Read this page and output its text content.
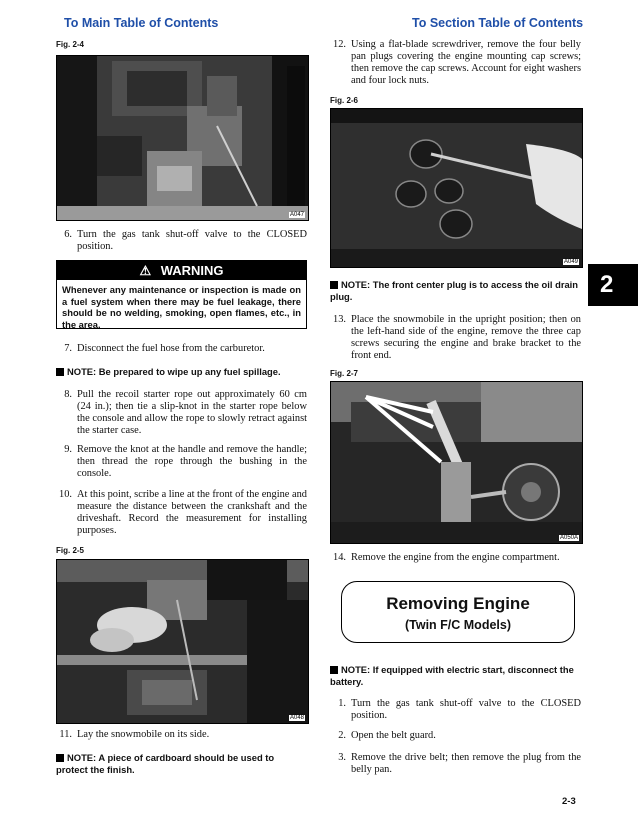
To Main Table of Contents	To Section Table of Contents
Fig. 2-4
A047
6. Turn the gas tank shut-off valve to the CLOSED position.
⚠ WARNING
Whenever any maintenance or inspection is made on a fuel system when there may be fuel leakage, there should be no welding, smoking, open flames, etc., in the area.
7. Disconnect the fuel hose from the carburetor.
NOTE: Be prepared to wipe up any fuel spillage.
8. Pull the recoil starter rope out approximately 60 cm (24 in.); then tie a slip-knot in the starter rope below the console and allow the rope to slowly retract against the starter case.
9. Remove the knot at the handle and remove the handle; then thread the rope through the bushing in the console.
10. At this point, scribe a line at the front of the engine and measure the distance between the crankshaft and the driveshaft. Record the measurement for installing purposes.
Fig. 2-5
A048
11. Lay the snowmobile on its side.
NOTE: A piece of cardboard should be used to protect the finish.
12. Using a flat-blade screwdriver, remove the four belly pan plugs covering the engine mounting cap screws; then remove the cap screws. Account for eight washers and four lock nuts.
Fig. 2-6
A049
NOTE: The front center plug is to access the oil drain plug.
13. Place the snowmobile in the upright position; then on the left-hand side of the engine, remove the three cap screws securing the engine and brake bracket to the front end.
Fig. 2-7
A050A
14. Remove the engine from the engine compartment.
Removing Engine
(Twin F/C Models)
NOTE: If equipped with electric start, disconnect the battery.
1. Turn the gas tank shut-off valve to the CLOSED position.
2. Open the belt guard.
3. Remove the drive belt; then remove the plug from the belly pan.
2
2-3
